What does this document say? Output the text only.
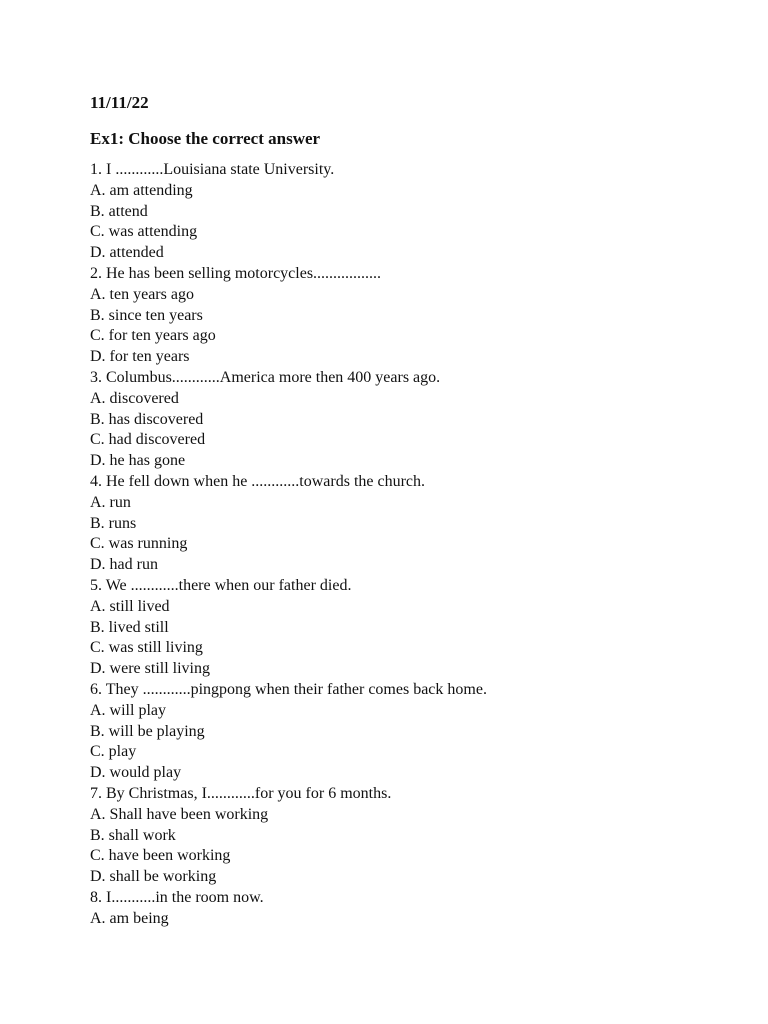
11/11/22

Ex1: Choose the correct answer

1. I ............Louisiana state University.

A. am attending

B. attend

C. was attending

D. attended

2. He has been selling motorcycles.................

A. ten years ago

B. since ten years

C. for ten years ago

D. for ten years

3. Columbus............America more then 400 years ago.

A. discovered

B. has discovered

C. had discovered

D. he has gone

4. He fell down when he ............towards the church.

A. run

B. runs

C. was running

D. had run

5. We ............there when our father died.

A. still lived

B. lived still

C. was still living

D. were still living

6. They ............pingpong when their father comes back home.

A. will play

B. will be playing

C. play

D. would play

7. By Christmas, I............for you for 6 months.

A. Shall have been working

B. shall work

C. have been working

D. shall be working

8. I...........in the room now.

A. am being
